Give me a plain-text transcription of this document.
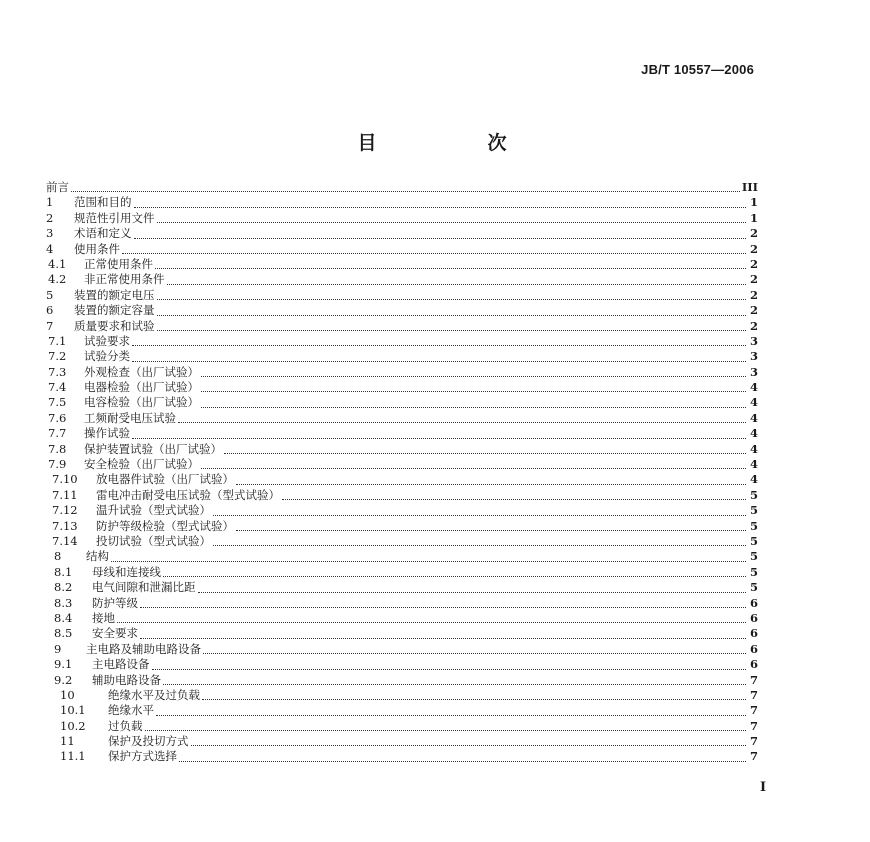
JB/T 10557—2006
目　次
前言	III
1	范围和目的	1
2	规范性引用文件	1
3	术语和定义	2
4	使用条件	2
4.1	正常使用条件	2
4.2	非正常使用条件	2
5	装置的额定电压	2
6	装置的额定容量	2
7	质量要求和试验	2
7.1	试验要求	3
7.2	试验分类	3
7.3	外观检查（出厂试验）	3
7.4	电器检验（出厂试验）	4
7.5	电容检验（出厂试验）	4
7.6	工频耐受电压试验	4
7.7	操作试验	4
7.8	保护装置试验（出厂试验）	4
7.9	安全检验（出厂试验）	4
7.10	放电器件试验（出厂试验）	4
7.11	雷电冲击耐受电压试验（型式试验）	5
7.12	温升试验（型式试验）	5
7.13	防护等级检验（型式试验）	5
7.14	投切试验（型式试验）	5
8	结构	5
8.1	母线和连接线	5
8.2	电气间隙和泄漏比距	5
8.3	防护等级	6
8.4	接地	6
8.5	安全要求	6
9	主电路及辅助电路设备	6
9.1	主电路设备	6
9.2	辅助电路设备	7
10	绝缘水平及过负载	7
10.1	绝缘水平	7
10.2	过负载	7
11	保护及投切方式	7
11.1	保护方式选择	7
I
